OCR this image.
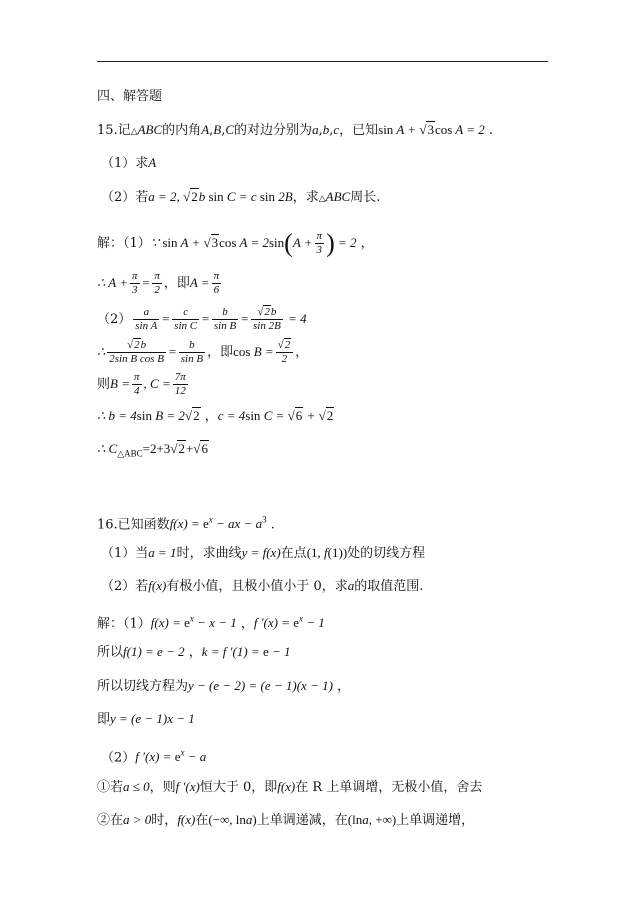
四、解答题
15.记△ABC的内角A,B,C的对边分别为a,b,c，已知sin A + √3cos A = 2 .
（1）求A
（2）若a = 2, √2b sin C = c sin 2B，求△ABC周长.
解：（1）∵ sin A + √3cos $A = 2\sin(A + \frac{\pi}{3}$ ) = 2 ，
∴ $A + \frac{\pi}{3} = \frac{\pi}{2}$ ，即$A = \frac{\pi}{6}$
$(2) \frac{a}{\text{sin A}} = \frac{c}{\text{sin C}} = \frac{b}{\text{sin B}} = \frac{√2b}{\sin 2B} = 4$
∴ $\frac{√2b}{\text{2sin B cos B}} = \frac{b}{\text{sin B}}$ ，即$\cos B = \frac{√2}{2}$ ，
则$B = \frac{\pi}{4}$ , $C = \frac{7\pi}{12}$
∴ b = 4sin B = 2√2 ，c = 4sin C = √6 + √2
∴ $C_{\triangle ABC}=2+3√2+√6$
16.已知函数$f(x) = e^x$ − ax − $a^3$ .
（1）当a = 1时，求曲线y = f(x)在点(1, f(1))处的切线方程
（2）若f(x)有极小值，且极小值小于 0，求a的取值范围.
解：$(1)f(x) = e^x - x - 1$ ，f $'(x) = e^x - 1$
所以f(1) = e − 2 ，k = f ′(1) = e − 1
所以切线方程为y − (e − 2) = (e − 1)(x − 1) ，
即y = (e − 1)x − 1
（2）f $'(x) = e^x - a$
①若a ≤ 0，则f ′(x)恒大于 0，即f(x)在 R 上单调增，无极小值，舍去
②在a > 0时，f(x)在(−∞, lna)上单调递减，在(lna, +∞)上单调递增，
